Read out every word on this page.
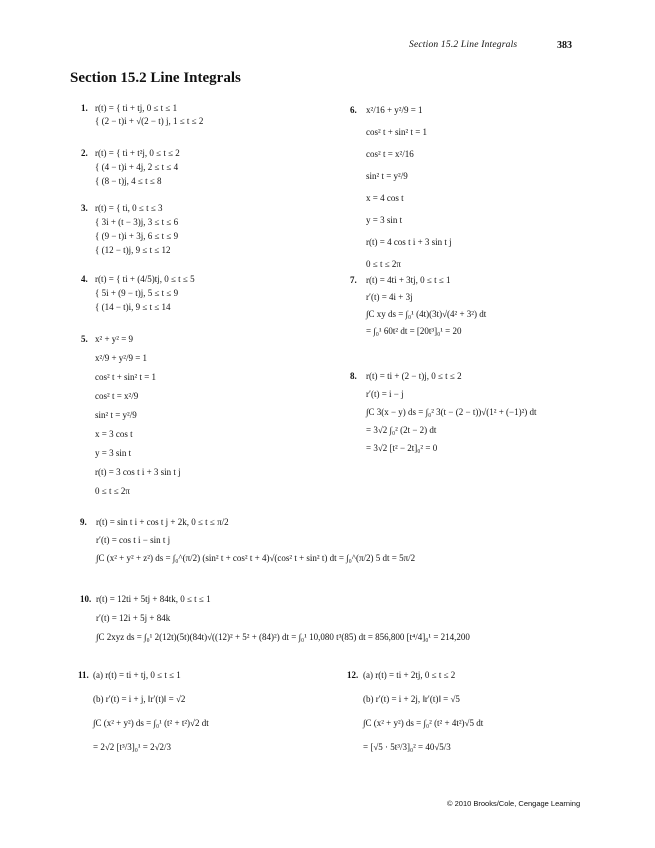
Section 15.2 Line Integrals	383
Section 15.2 Line Integrals
1. r(t) = { ti + tj, 0 ≤ t ≤ 1
{ (2 − t)i + √(2 − t) j, 1 ≤ t ≤ 2
2. r(t) = { ti + t²j, 0 ≤ t ≤ 2
{ (4 − t)i + 4j, 2 ≤ t ≤ 4
{ (8 − t)j, 4 ≤ t ≤ 8
3. r(t) = { ti, 0 ≤ t ≤ 3
{ 3i + (t − 3)j, 3 ≤ t ≤ 6
{ (9 − t)i + 3j, 6 ≤ t ≤ 9
{ (12 − t)j, 9 ≤ t ≤ 12
4. r(t) = { ti + (4/5)tj, 0 ≤ t ≤ 5
{ 5i + (9 − t)j, 5 ≤ t ≤ 9
{ (14 − t)i, 9 ≤ t ≤ 14
5. x² + y² = 9
x²/9 + y²/9 = 1
cos² t + sin² t = 1
cos² t = x²/9
sin² t = y²/9
x = 3 cos t
y = 3 sin t
r(t) = 3 cos t i + 3 sin t j
0 ≤ t ≤ 2π
6. x²/16 + y²/9 = 1
cos² t + sin² t = 1
cos² t = x²/16
sin² t = y²/9
x = 4 cos t
y = 3 sin t
r(t) = 4 cos t i + 3 sin t j
0 ≤ t ≤ 2π
7. r(t) = 4ti + 3tj, 0 ≤ t ≤ 1
r′(t) = 4i + 3j
∫C xy ds = ∫₀¹ (4t)(3t)√(4² + 3²) dt
= ∫₀¹ 60t² dt = [20t³]₀¹ = 20
8. r(t) = ti + (2 − t)j, 0 ≤ t ≤ 2
r′(t) = i − j
∫C 3(x − y) ds = ∫₀² 3(t − (2 − t))√(1² + (−1)²) dt
= 3√2 ∫₀² (2t − 2) dt
= 3√2 [t² − 2t]₀² = 0
9. r(t) = sin t i + cos t j + 2k, 0 ≤ t ≤ π/2
r′(t) = cos t i − sin t j
∫C (x² + y² + z²) ds = ∫₀^(π/2) (sin² t + cos² t + 4)√(cos² t + sin² t) dt = ∫₀^(π/2) 5 dt = 5π/2
10. r(t) = 12ti + 5tj + 84tk, 0 ≤ t ≤ 1
r′(t) = 12i + 5j + 84k
∫C 2xyz ds = ∫₀¹ 2(12t)(5t)(84t)√((12)² + 5² + (84)²) dt = ∫₀¹ 10,080 t³(85) dt = 856,800 [t⁴/4]₀¹ = 214,200
11. (a) r(t) = ti + tj, 0 ≤ t ≤ 1
(b) r′(t) = i + j, ‖r′(t)‖ = √2
∫C (x² + y²) ds = ∫₀¹ (t² + t²)√2 dt
= 2√2 [t³/3]₀¹ = 2√2/3
12. (a) r(t) = ti + 2tj, 0 ≤ t ≤ 2
(b) r′(t) = i + 2j, ‖r′(t)‖ = √5
∫C (x² + y²) ds = ∫₀² (t² + 4t²)√5 dt
= [√5 · 5t³/3]₀² = 40√5/3
© 2010 Brooks/Cole, Cengage Learning
